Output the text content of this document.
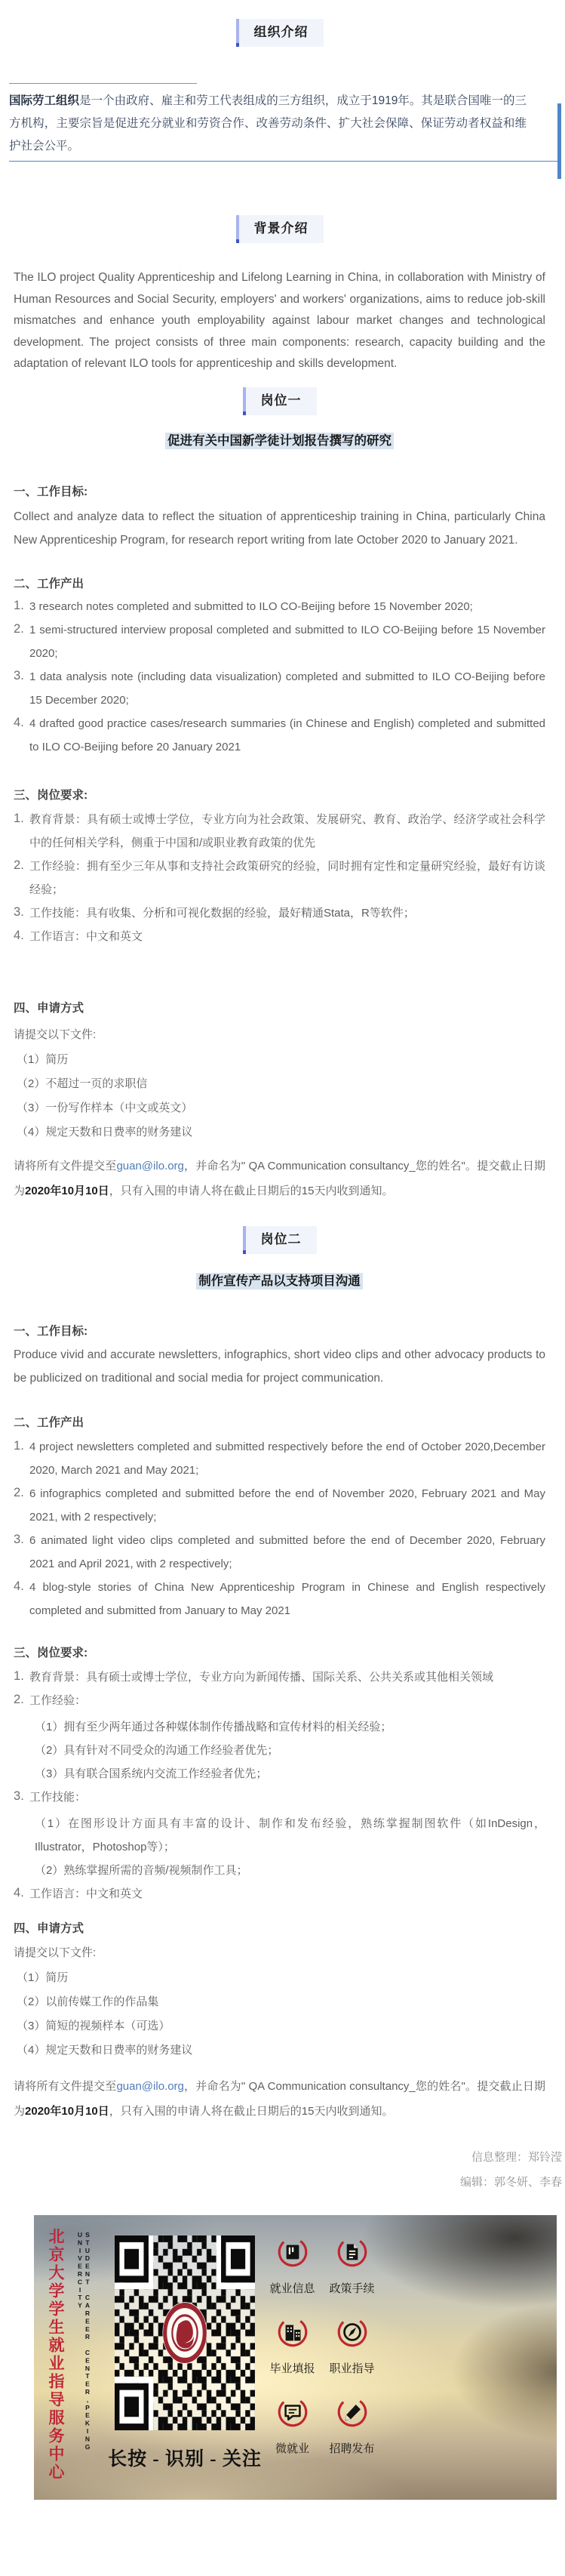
组织介绍
国际劳工组织是一个由政府、雇主和劳工代表组成的三方组织，成立于1919年。其是联合国唯一的三方机构，主要宗旨是促进充分就业和劳资合作、改善劳动条件、扩大社会保障、保证劳动者权益和维护社会公平。
背景介绍

The ILO project Quality Apprenticeship and Lifelong Learning in China, in collaboration with Ministry of Human Resources and Social Security, employers' and workers' organizations, aims to reduce job-skill mismatches and enhance youth employability against labour market changes and technological development. The project consists of three main components: research, capacity building and the adaptation of relevant ILO tools for apprenticeship and skills development.

岗位一
促进有关中国新学徒计划报告撰写的研究
一、工作目标:

Collect and analyze data to reflect the situation of apprenticeship training in China, particularly China New Apprenticeship Program, for research report writing from late October 2020 to January 2021.

二、工作产出
3 research notes completed and submitted to ILO CO-Beijing before 15 November 2020;
1 semi-structured interview proposal completed and submitted to ILO CO-Beijing before 15 November 2020;
1 data analysis note (including data visualization) completed and submitted to ILO CO-Beijing before 15 December 2020;
4 drafted good practice cases/research summaries (in Chinese and English) completed and submitted to ILO CO-Beijing before 20 January 2021
三、岗位要求:
教育背景：具有硕士或博士学位，专业方向为社会政策、发展研究、教育、政治学、经济学或社会科学中的任何相关学科，侧重于中国和/或职业教育政策的优先
工作经验：拥有至少三年从事和支持社会政策研究的经验，同时拥有定性和定量研究经验，最好有访谈经验；
工作技能：具有收集、分析和可视化数据的经验，最好精通Stata，R等软件；
工作语言：中文和英文
四、申请方式

请提交以下文件:

（1）简历
（2）不超过一页的求职信
（3）一份写作样本（中文或英文）
（4）规定天数和日费率的财务建议

请将所有文件提交至guan@ilo.org，并命名为" QA Communication consultancy_您的姓名"。提交截止日期为2020年10月10日，只有入围的申请人将在截止日期后的15天内收到通知。

岗位二
制作宣传产品以支持项目沟通
一、工作目标:

Produce vivid and accurate newsletters, infographics, short video clips and other advocacy products to be publicized on traditional and social media for project communication.

二、工作产出
4 project newsletters completed and submitted respectively before the end of October 2020,December 2020, March 2021 and May 2021;
6 infographics completed and submitted before the end of November 2020, February 2021 and May 2021, with 2 respectively;
6 animated light video clips completed and submitted before the end of December 2020, February 2021 and April 2021, with 2 respectively;
4 blog-style stories of China New Apprenticeship Program in Chinese and English respectively completed and submitted from January to May 2021
三、岗位要求:
教育背景：具有硕士或博士学位，专业方向为新闻传播、国际关系、公共关系或其他相关领域
工作经验：
（1）拥有至少两年通过各种媒体制作传播战略和宣传材料的相关经验；
（2）具有针对不同受众的沟通工作经验者优先；
（3）具有联合国系统内交流工作经验者优先；
工作技能：
（1）在图形设计方面具有丰富的设计、制作和发布经验，熟练掌握制图软件（如InDesign，Illustrator，Photoshop等）；
（2）熟练掌握所需的音频/视频制作工具；
工作语言：中文和英文
四、申请方式

请提交以下文件:

（1）简历
（2）以前传媒工作的作品集
（3）简短的视频样本（可选）
（4）规定天数和日费率的财务建议

请将所有文件提交至guan@ilo.org，并命名为" QA Communication consultancy_您的姓名"。提交截止日期为2020年10月10日，只有入围的申请人将在截止日期后的15天内收到通知。

信息整理：郑铃滢
编辑：郭冬妍、李春
北京大学学生就业指导服务中心	STUDENT CAREER CENTER,PEKING UNIVERCITY
长按 - 识别 - 关注
就业信息 政策手续
毕业填报 职业指导
微就业 招聘发布
